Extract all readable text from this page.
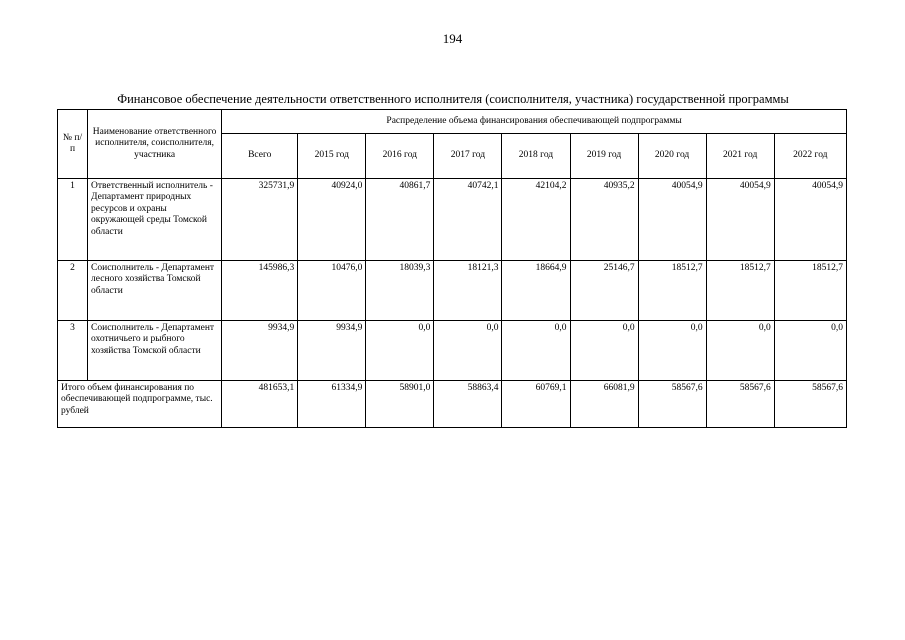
194
Финансовое обеспечение деятельности ответственного исполнителя (соисполнителя, участника) государственной программы
№ п/п	Наименование ответственного исполнителя, соисполнителя, участника	Распределение объема финансирования обеспечивающей подпрограммы								
		Всего	2015 год	2016 год	2017 год	2018 год	2019 год	2020 год	2021 год	2022 год
1	Ответственный исполнитель - Департамент природных ресурсов и охраны окружающей среды Томской области	325731,9	40924,0	40861,7	40742,1	42104,2	40935,2	40054,9	40054,9	40054,9
2	Соисполнитель - Департамент лесного хозяйства Томской области	145986,3	10476,0	18039,3	18121,3	18664,9	25146,7	18512,7	18512,7	18512,7
3	Соисполнитель - Департамент охотничьего и рыбного хозяйства Томской области	9934,9	9934,9	0,0	0,0	0,0	0,0	0,0	0,0	0,0
Итого объем финансирования по обеспечивающей подпрограмме, тыс. рублей		481653,1	61334,9	58901,0	58863,4	60769,1	66081,9	58567,6	58567,6	58567,6
